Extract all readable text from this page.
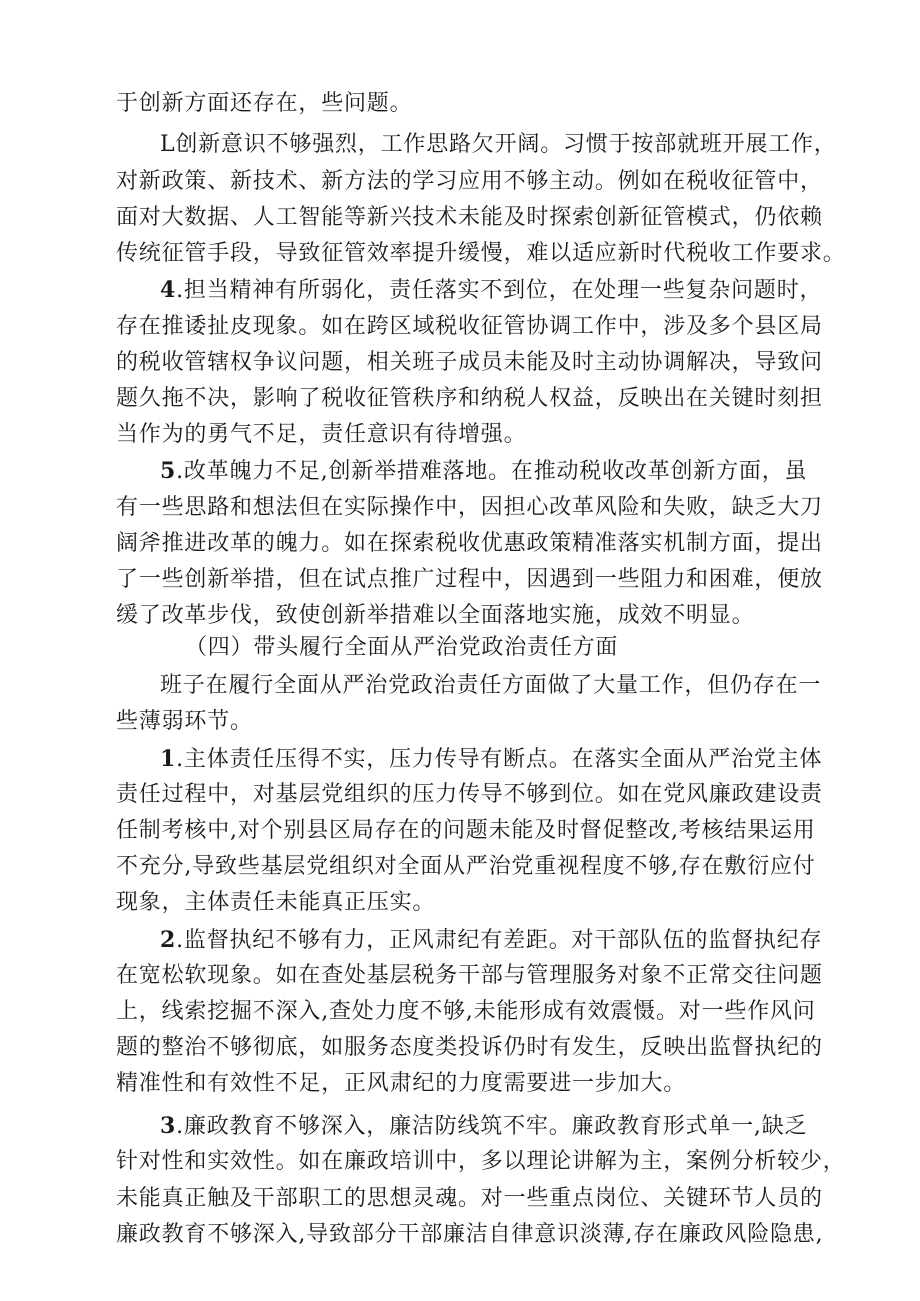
于创新方面还存在，些问题。
L创新意识不够强烈，工作思路欠开阔。习惯于按部就班开展工作，
对新政策、新技术、新方法的学习应用不够主动。例如在税收征管中，
面对大数据、人工智能等新兴技术未能及时探索创新征管模式，仍依赖
传统征管手段，导致征管效率提升缓慢，难以适应新时代税收工作要求。
4.担当精神有所弱化，责任落实不到位，在处理一些复杂问题时，
存在推诿扯皮现象。如在跨区域税收征管协调工作中，涉及多个县区局
的税收管辖权争议问题，相关班子成员未能及时主动协调解决，导致问
题久拖不决，影响了税收征管秩序和纳税人权益，反映出在关键时刻担
当作为的勇气不足，责任意识有待增强。
5.改革魄力不足,创新举措难落地。在推动税收改革创新方面，虽
有一些思路和想法但在实际操作中，因担心改革风险和失败，缺乏大刀
阔斧推进改革的魄力。如在探索税收优惠政策精准落实机制方面，提出
了一些创新举措，但在试点推广过程中，因遇到一些阻力和困难，便放
缓了改革步伐，致使创新举措难以全面落地实施，成效不明显。
（四）带头履行全面从严治党政治责任方面
班子在履行全面从严治党政治责任方面做了大量工作，但仍存在一
些薄弱环节。
1.主体责任压得不实，压力传导有断点。在落实全面从严治党主体
责任过程中，对基层党组织的压力传导不够到位。如在党风廉政建设责
任制考核中,对个别县区局存在的问题未能及时督促整改,考核结果运用
不充分,导致些基层党组织对全面从严治党重视程度不够,存在敷衍应付
现象，主体责任未能真正压实。
2.监督执纪不够有力，正风肃纪有差距。对干部队伍的监督执纪存
在宽松软现象。如在查处基层税务干部与管理服务对象不正常交往问题
上，线索挖掘不深入,查处力度不够,未能形成有效震慑。对一些作风问
题的整治不够彻底，如服务态度类投诉仍时有发生，反映出监督执纪的
精准性和有效性不足，正风肃纪的力度需要进一步加大。
3.廉政教育不够深入，廉洁防线筑不牢。廉政教育形式单一,缺乏
针对性和实效性。如在廉政培训中，多以理论讲解为主，案例分析较少，
未能真正触及干部职工的思想灵魂。对一些重点岗位、关键环节人员的
廉政教育不够深入,导致部分干部廉洁自律意识淡薄,存在廉政风险隐患,
